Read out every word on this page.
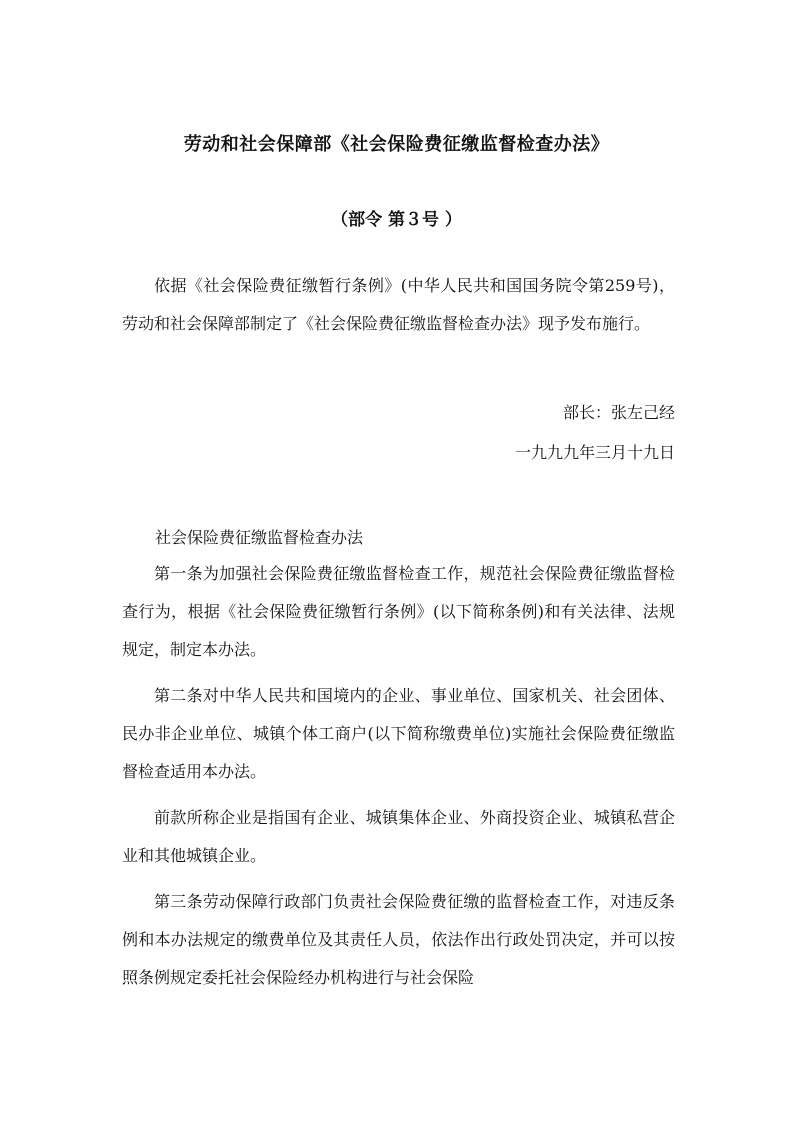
劳动和社会保障部《社会保险费征缴监督检查办法》
（部令 第３号 ）

依据《社会保险费征缴暂行条例》(中华人民共和国国务院令第259号)，劳动和社会保障部制定了《社会保险费征缴监督检查办法》现予发布施行。

部长：张左己经
一九九九年三月十九日
社会保险费征缴监督检查办法

第一条为加强社会保险费征缴监督检查工作，规范社会保险费征缴监督检查行为，根据《社会保险费征缴暂行条例》(以下简称条例)和有关法律、法规规定，制定本办法。

第二条对中华人民共和国境内的企业、事业单位、国家机关、社会团体、民办非企业单位、城镇个体工商户(以下简称缴费单位)实施社会保险费征缴监督检查适用本办法。

前款所称企业是指国有企业、城镇集体企业、外商投资企业、城镇私营企业和其他城镇企业。

第三条劳动保障行政部门负责社会保险费征缴的监督检查工作，对违反条例和本办法规定的缴费单位及其责任人员，依法作出行政处罚决定，并可以按照条例规定委托社会保险经办机构进行与社会保险
